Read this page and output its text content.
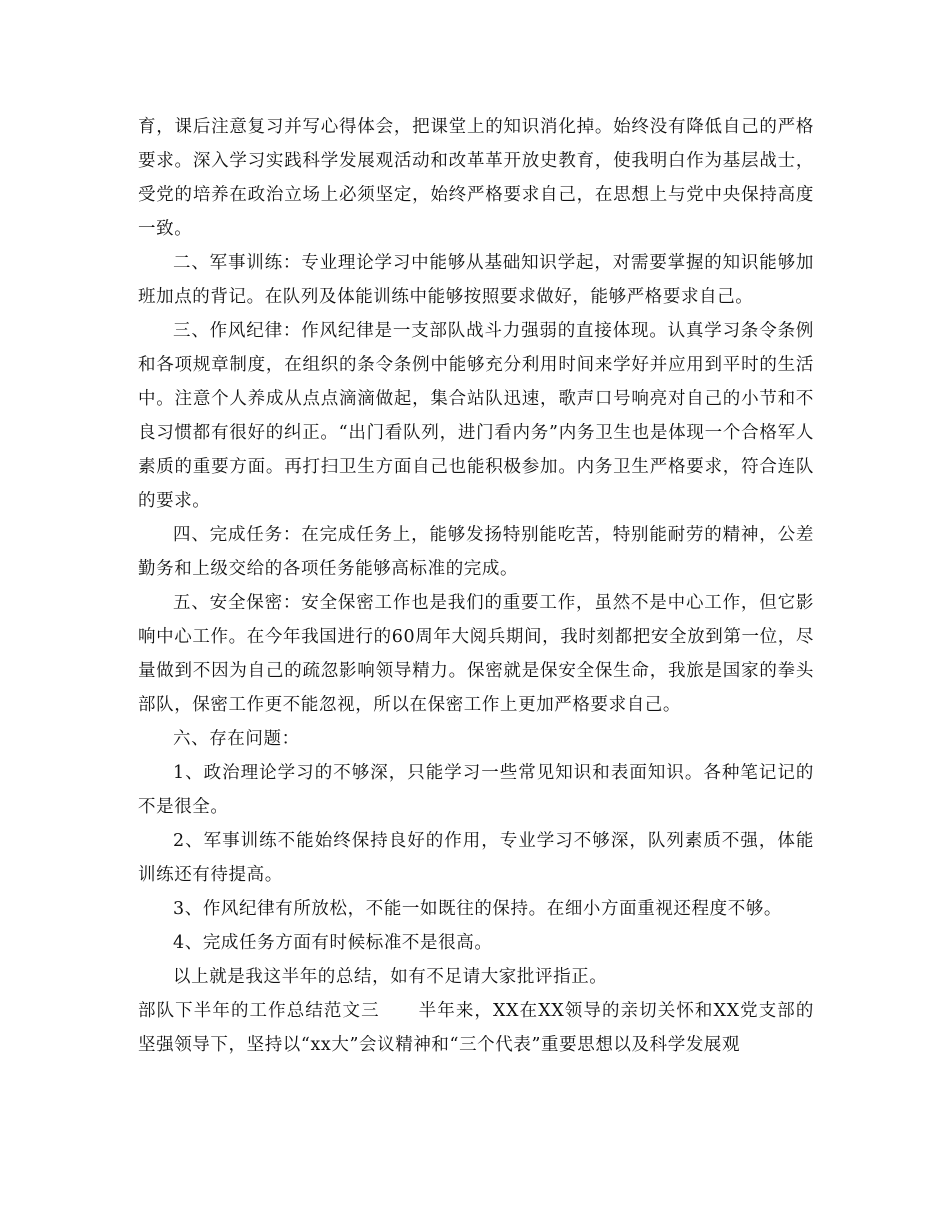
育，课后注意复习并写心得体会，把课堂上的知识消化掉。始终没有降低自己的严格要求。深入学习实践科学发展观活动和改革革开放史教育，使我明白作为基层战士，受党的培养在政治立场上必须坚定，始终严格要求自己，在思想上与党中央保持高度一致。

二、军事训练：专业理论学习中能够从基础知识学起，对需要掌握的知识能够加班加点的背记。在队列及体能训练中能够按照要求做好，能够严格要求自己。

三、作风纪律：作风纪律是一支部队战斗力强弱的直接体现。认真学习条令条例和各项规章制度，在组织的条令条例中能够充分利用时间来学好并应用到平时的生活中。注意个人养成从点点滴滴做起，集合站队迅速，歌声口号响亮对自己的小节和不良习惯都有很好的纠正。“出门看队列，进门看内务”内务卫生也是体现一个合格军人素质的重要方面。再打扫卫生方面自己也能积极参加。内务卫生严格要求，符合连队的要求。

四、完成任务：在完成任务上，能够发扬特别能吃苦，特别能耐劳的精神，公差勤务和上级交给的各项任务能够高标准的完成。

五、安全保密：安全保密工作也是我们的重要工作，虽然不是中心工作，但它影响中心工作。在今年我国进行的60周年大阅兵期间，我时刻都把安全放到第一位，尽量做到不因为自己的疏忽影响领导精力。保密就是保安全保生命，我旅是国家的拳头部队，保密工作更不能忽视，所以在保密工作上更加严格要求自己。

六、存在问题：

1、政治理论学习的不够深，只能学习一些常见知识和表面知识。各种笔记记的不是很全。

2、军事训练不能始终保持良好的作用，专业学习不够深，队列素质不强，体能训练还有待提高。

3、作风纪律有所放松，不能一如既往的保持。在细小方面重视还程度不够。

4、完成任务方面有时候标准不是很高。

以上就是我这半年的总结，如有不足请大家批评指正。

部队下半年的工作总结范文三 半年来，XX在XX领导的亲切关怀和XX党支部的坚强领导下，坚持以“xx大”会议精神和“三个代表”重要思想以及科学发展观
